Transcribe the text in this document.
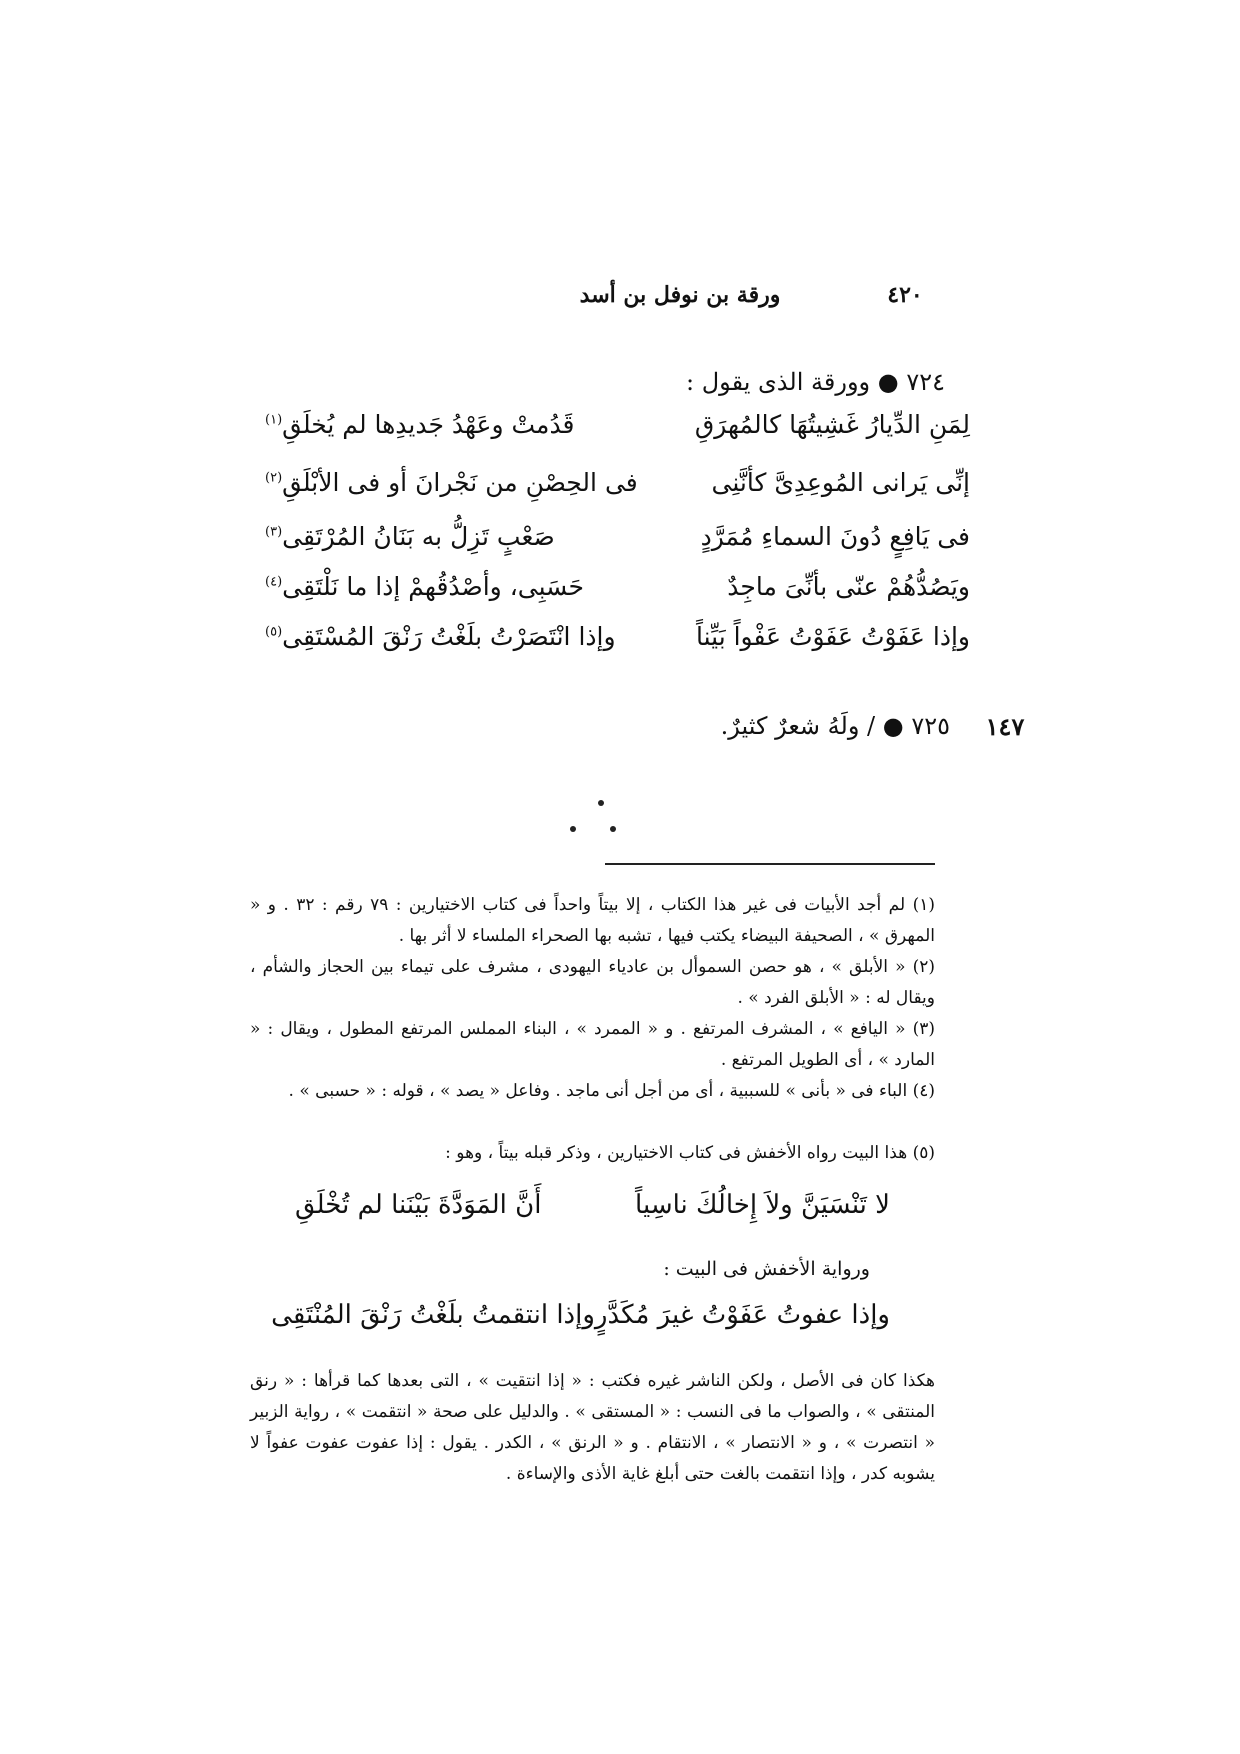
ورقة بن نوفل بن أسد	٤٢٠
٧٢٤ ● وورقة الذى يقول :
لِمَنِ الدِّيارُ غَشِيتُهَا كالمُهرَقِ
قَدُمتْ وعَهْدُ جَديدِها لم يُخلَقِ$^{(١)}$
إنِّى يَرانى المُوعِدِىَّ كأنَّنِى
فى الحِصْنِ من نَجْرانَ أو فى الأبْلَقِ$^{(٢)}$
فى يَافِعٍ دُونَ السماءِ مُمَرَّدٍ
صَعْبٍ تَزِلُّ به بَنَانُ المُرْتَقِى$^{(٣)}$
ويَصُدُّهُمْ عنّى بأنِّىَ ماجِدٌ
حَسَبِى، وأصْدُقُهمْ إذا ما نَلْتَقِى$^{(٤)}$
وإذا عَفَوْتُ عَفَوْتُ عَفْواً بَيِّناً
وإذا انْتَصَرْتُ بلَغْتُ رَنْقَ المُسْتَقِى$^{(٥)}$
٧٢٥ ● / ولَهُ شعرٌ كثيرٌ.	١٤٧
(١) لم أجد الأبيات فى غير هذا الكتاب ، إلا بيتاً واحداً فى كتاب الاختيارين : ٧٩ رقم : ٣٢ . و « المهرق » ، الصحيفة البيضاء يكتب فيها ، تشبه بها الصحراء الملساء لا أثر بها .
(٢) « الأبلق » ، هو حصن السموأل بن عادياء اليهودى ، مشرف على تيماء بين الحجاز والشأم ، ويقال له : « الأبلق الفرد » .
(٣) « اليافع » ، المشرف المرتفع . و « الممرد » ، البناء المملس المرتفع المطول ، ويقال : « المارد » ، أى الطويل المرتفع .
(٤) الباء فى « بأنى » للسببية ، أى من أجل أنى ماجد . وفاعل « يصد » ، قوله : « حسبى » .
(٥) هذا البيت رواه الأخفش فى كتاب الاختيارين ، وذكر قبله بيتاً ، وهو :
لا تَنْسَيَنَّ ولاَ إِخالُكَ ناسِياً
أَنَّ المَوَدَّةَ بَيْنَنا لم تُخْلَقِ
ورواية الأخفش فى البيت :
وإذا عفوتُ عَفَوْتُ غيرَ مُكَدَّرٍ
وإذا انتقمتُ بلَغْتُ رَنْقَ المُنْتَقِى
هكذا كان فى الأصل ، ولكن الناشر غيره فكتب : « إذا انتقيت » ، التى بعدها كما قرأها : « رنق المنتقى » ، والصواب ما فى النسب : « المستقى » . والدليل على صحة « انتقمت » ، رواية الزبير « انتصرت » ، و « الانتصار » ، الانتقام . و « الرنق » ، الكدر . يقول : إذا عفوت عفوت عفواً لا يشوبه كدر ، وإذا انتقمت بالغت حتى أبلغ غاية الأذى والإساءة .
